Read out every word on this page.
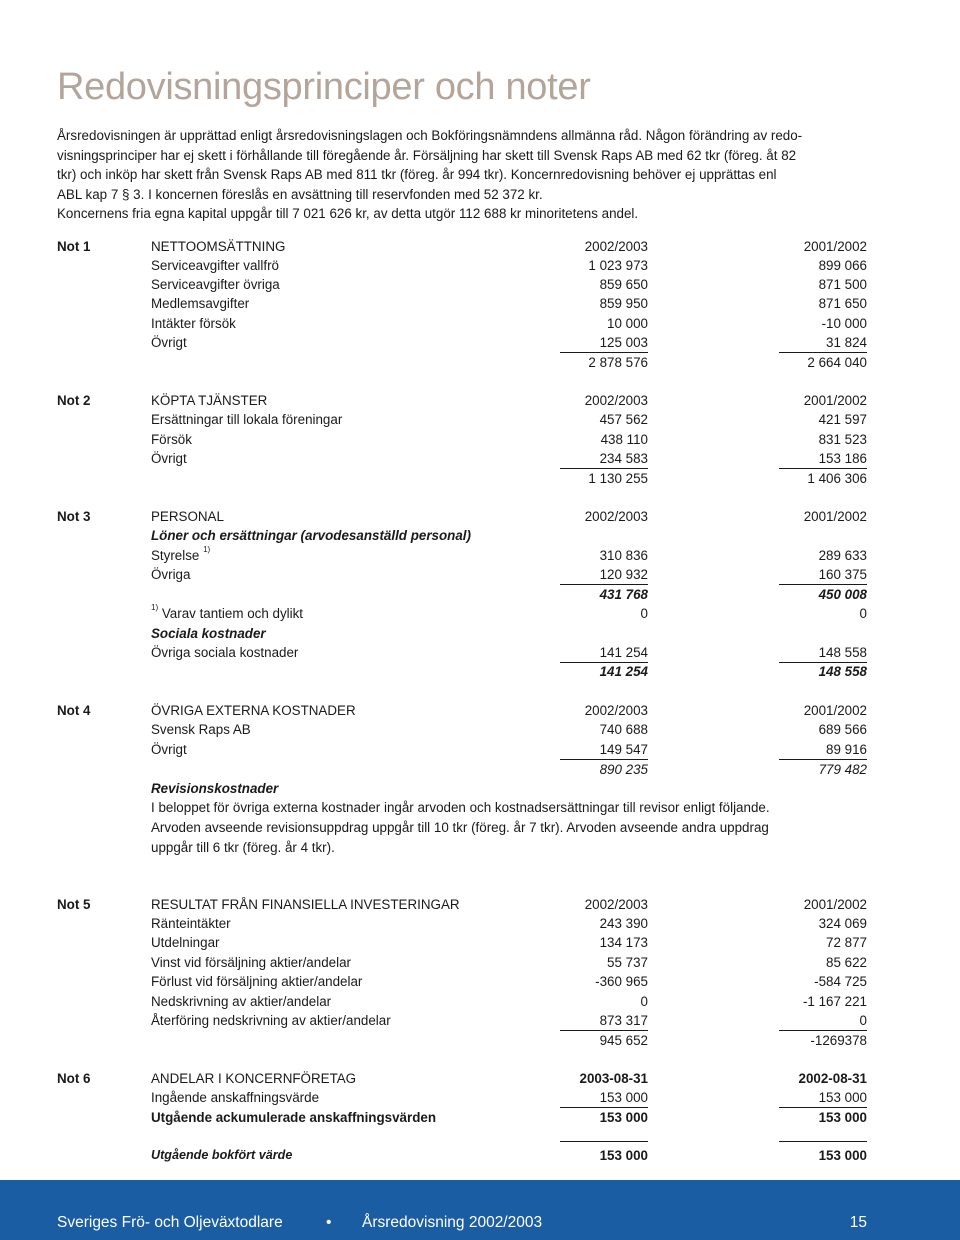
Redovisningsprinciper och noter
Årsredovisningen är upprättad enligt årsredovisningslagen och Bokföringsnämndens allmänna råd. Någon förändring av redo-
visningsprinciper har ej skett i förhållande till föregående år. Försäljning har skett till Svensk Raps AB med 62 tkr (föreg. åt 82
tkr) och inköp har skett från Svensk Raps AB med 811 tkr (föreg. år 994 tkr). Koncernredovisning behöver ej upprättas enl
ABL kap 7 § 3. I koncernen föreslås en avsättning till reservfonden med 52 372 kr.
Koncernens fria egna kapital uppgår till 7 021 626 kr, av detta utgör 112 688 kr minoritetens andel.
Not 1	NETTOOMSÄTTNING	2002/2003	2001/2002
Serviceavgifter vallfrö	1 023 973	899 066
Serviceavgifter övriga	859 650	871 500
Medlemsavgifter	859 950	871 650
Intäkter försök	10 000	-10 000
Övrigt	125 003	31 824
2 878 576	2 664 040
Not 2	KÖPTA TJÄNSTER	2002/2003	2001/2002
Ersättningar till lokala föreningar	457 562	421 597
Försök	438 110	831 523
Övrigt	234 583	153 186
1 130 255	1 406 306
Not 3	PERSONAL	2002/2003	2001/2002
Löner och ersättningar (arvodesanställd personal)
Styrelse $^{1)}$	310 836	289 633
Övriga	120 932	160 375
431 768	450 008
$^{1)}$ Varav tantiem och dylikt	0	0
Sociala kostnader
Övriga sociala kostnader	141 254	148 558
141 254	148 558
Not 4	ÖVRIGA EXTERNA KOSTNADER	2002/2003	2001/2002
Svensk Raps AB	740 688	689 566
Övrigt	149 547	89 916
890 235	779 482
Revisionskostnader
I beloppet för övriga externa kostnader ingår arvoden och kostnadsersättningar till revisor enligt följande.
Arvoden avseende revisionsuppdrag uppgår till 10 tkr (föreg. år 7 tkr). Arvoden avseende andra uppdrag
uppgår till 6 tkr (föreg. år 4 tkr).
Not 5	RESULTAT FRÅN FINANSIELLA INVESTERINGAR	2002/2003	2001/2002
Ränteintäkter	243 390	324 069
Utdelningar	134 173	72 877
Vinst vid försäljning aktier/andelar	55 737	85 622
Förlust vid försäljning aktier/andelar	-360 965	-584 725
Nedskrivning av aktier/andelar	0	-1 167 221
Återföring nedskrivning av aktier/andelar	873 317	0
945 652	-1269378
Not 6	ANDELAR I KONCERNFÖRETAG	2003-08-31	2002-08-31
Ingående anskaffningsvärde	153 000	153 000
Utgående ackumulerade anskaffningsvärden	153 000	153 000
Utgående bokfört värde	153 000	153 000
Sveriges Frö- och Oljeväxtodlare	• Årsredovisning 2002/2003	15
